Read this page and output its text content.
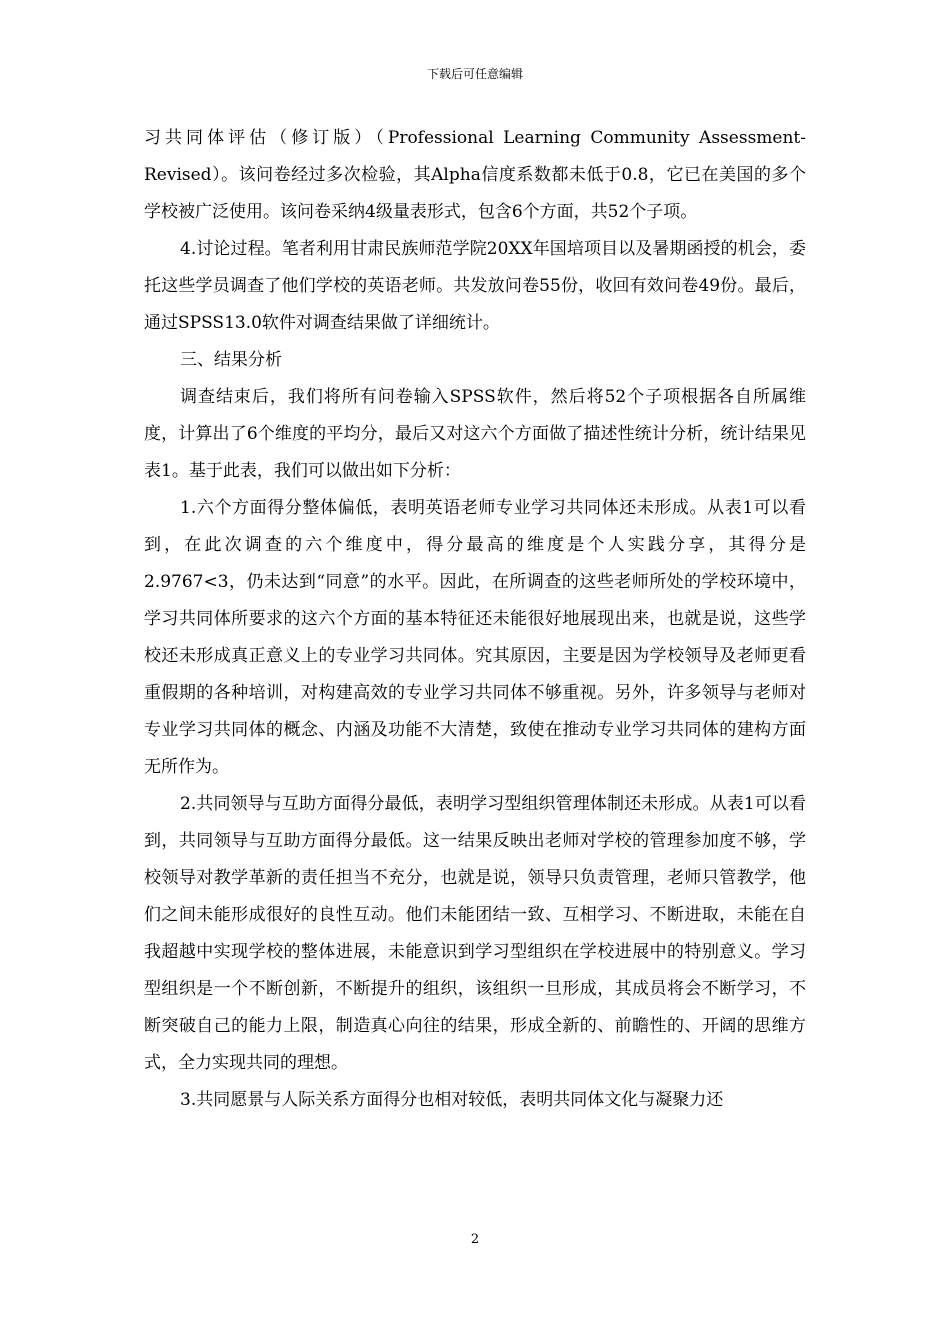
下载后可任意编辑

习共同体评估（修订版）（Professional Learning Community Assessment-Revised）。该问卷经过多次检验，其Alpha信度系数都未低于0.8，它已在美国的多个学校被广泛使用。该问卷采纳4级量表形式，包含6个方面，共52个子项。

4.讨论过程。笔者利用甘肃民族师范学院20XX年国培项目以及暑期函授的机会，委托这些学员调查了他们学校的英语老师。共发放问卷55份，收回有效问卷49份。最后，通过SPSS13.0软件对调查结果做了详细统计。

三、结果分析

调查结束后，我们将所有问卷输入SPSS软件，然后将52个子项根据各自所属维度，计算出了6个维度的平均分，最后又对这六个方面做了描述性统计分析，统计结果见表1。基于此表，我们可以做出如下分析：

1.六个方面得分整体偏低，表明英语老师专业学习共同体还未形成。从表1可以看到，在此次调查的六个维度中，得分最高的维度是个人实践分享，其得分是2.9767<3，仍未达到“同意”的水平。因此，在所调查的这些老师所处的学校环境中，学习共同体所要求的这六个方面的基本特征还未能很好地展现出来，也就是说，这些学校还未形成真正意义上的专业学习共同体。究其原因，主要是因为学校领导及老师更看重假期的各种培训，对构建高效的专业学习共同体不够重视。另外，许多领导与老师对专业学习共同体的概念、内涵及功能不大清楚，致使在推动专业学习共同体的建构方面无所作为。

2.共同领导与互助方面得分最低，表明学习型组织管理体制还未形成。从表1可以看到，共同领导与互助方面得分最低。这一结果反映出老师对学校的管理参加度不够，学校领导对教学革新的责任担当不充分，也就是说，领导只负责管理，老师只管教学，他们之间未能形成很好的良性互动。他们未能团结一致、互相学习、不断进取，未能在自我超越中实现学校的整体进展，未能意识到学习型组织在学校进展中的特别意义。学习型组织是一个不断创新，不断提升的组织，该组织一旦形成，其成员将会不断学习，不断突破自己的能力上限，制造真心向往的结果，形成全新的、前瞻性的、开阔的思维方式，全力实现共同的理想。

3.共同愿景与人际关系方面得分也相对较低，表明共同体文化与凝聚力还

2
